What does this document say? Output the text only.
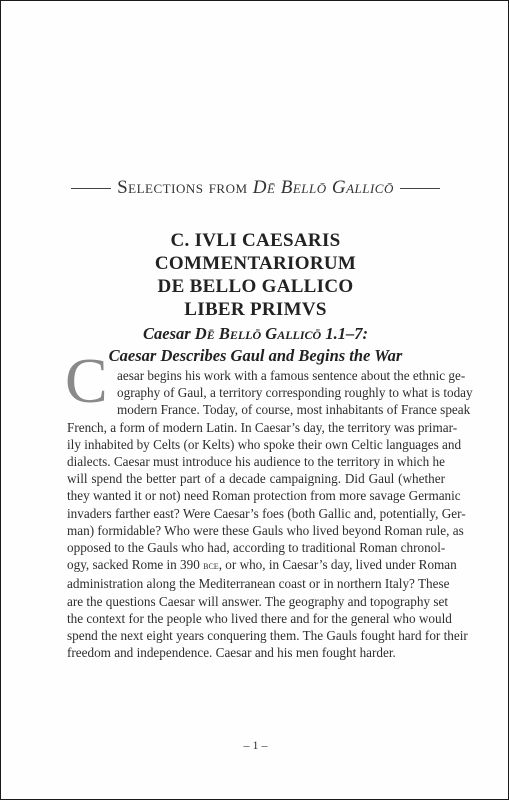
Selections from Dē Bellō Gallicō
C. IVLI CAESARIS
COMMENTARIORUM
DE BELLO GALLICO
LIBER PRIMVS
Caesar Dē Bellō Gallicō 1.1–7:
Caesar Describes Gaul and Begins the War
C aesar begins his work with a famous sentence about the ethnic ge-
ography of Gaul, a territory corresponding roughly to what is today
modern France. Today, of course, most inhabitants of France speak
French, a form of modern Latin. In Caesar’s day, the territory was primar-
ily inhabited by Celts (or Kelts) who spoke their own Celtic languages and
dialects. Caesar must introduce his audience to the territory in which he
will spend the better part of a decade campaigning. Did Gaul (whether
they wanted it or not) need Roman protection from more savage Germanic
invaders farther east? Were Caesar’s foes (both Gallic and, potentially, Ger-
man) formidable? Who were these Gauls who lived beyond Roman rule, as
opposed to the Gauls who had, according to traditional Roman chronol-
ogy, sacked Rome in 390 bce, or who, in Caesar’s day, lived under Roman
administration along the Mediterranean coast or in northern Italy? These
are the questions Caesar will answer. The geography and topography set
the context for the people who lived there and for the general who would
spend the next eight years conquering them. The Gauls fought hard for their
freedom and independence. Caesar and his men fought harder.
– 1 –
